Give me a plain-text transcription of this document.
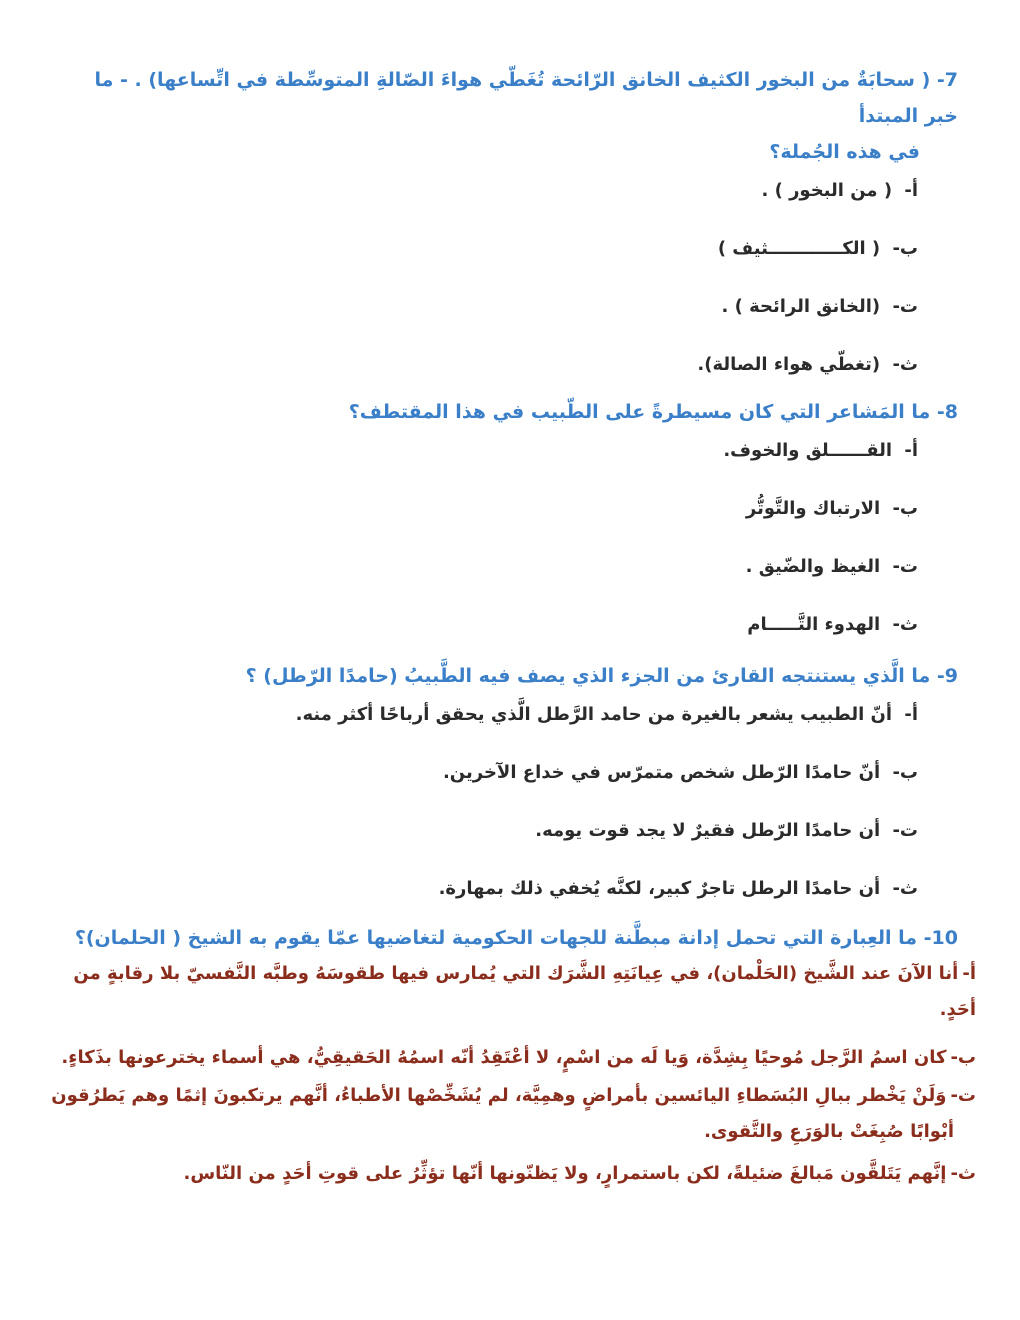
7- ( سحابَةٌ من البخور الكثيف الخانق الرّائحة تُغَطّي هواءَ الصّالةِ المتوسِّطة في اتِّساعها) . - ما خبر المبتدأ

في هذه الجُملة؟

أ- ( من البخور ) .
ب- ( الكــــــــــــثيف )
ت- (الخانق الرائحة ) .
ث- (تغطّي هواء الصالة).

8- ما المَشاعر التي كان مسيطرةً على الطّبيب في هذا المقتطف؟

أ- القــــــلق والخوف.
ب- الارتباك والتَّوتُّر
ت- الغيظ والضّيق .
ث- الهدوء التَّـــــام

9- ما الَّذي يستنتجه القارئ من الجزء الذي يصف فيه الطَّبيبُ (حامدًا الرّطل) ؟

أ- أنّ الطبيب يشعر بالغيرة من حامد الرَّطل الَّذي يحقق أرباحًا أكثر منه.
ب- أنّ حامدًا الرّطل شخص متمرّس في خداع الآخرين.
ت- أن حامدًا الرّطل فقيرٌ لا يجد قوت يومه.
ث- أن حامدًا الرطل تاجرٌ كبير، لكنَّه يُخفي ذلك بمهارة.

10- ما العِبارة التي تحمل إدانة مبطَّنة للجهات الحكومية لتغاضيها عمّا يقوم به الشيخ ( الحلمان)؟

أ-أنا الآنَ عند الشَّيخ (الحَلْمان)، في عِيانَتِهِ الشَّرَك التي يُمارس فيها طقوسَهُ وطبَّه النَّفسيّ بلا رقابةٍ من أحَدٍ.
ب-كان اسمُ الرَّجل مُوحيًا بِشِدَّة، وَيا لَه من اسْمٍ، لا أعْتَقِدُ أنّه اسمُهُ الحَقيقِيُّ، هي أسماء يخترعونها بذَكاءٍ.
ت-وَلَنْ يَخْطر ببالِ البُسَطاءِ اليائسين بأمراضٍ وهمِيَّة، لم يُشَخِّصْها الأطباءُ، أنَّهم يرتكبونَ إثمًا وهم يَطرُقون
أبْوابًا صُبِغَتْ بالوَرَعِ والتَّقوى.
ث-إنَّهم يَتَلقَّون مَبالغَ ضئيلةً، لكن باستمرارٍ، ولا يَظنّونها أنّها تؤثِّرُ على قوتِ أحَدٍ من النّاس.
